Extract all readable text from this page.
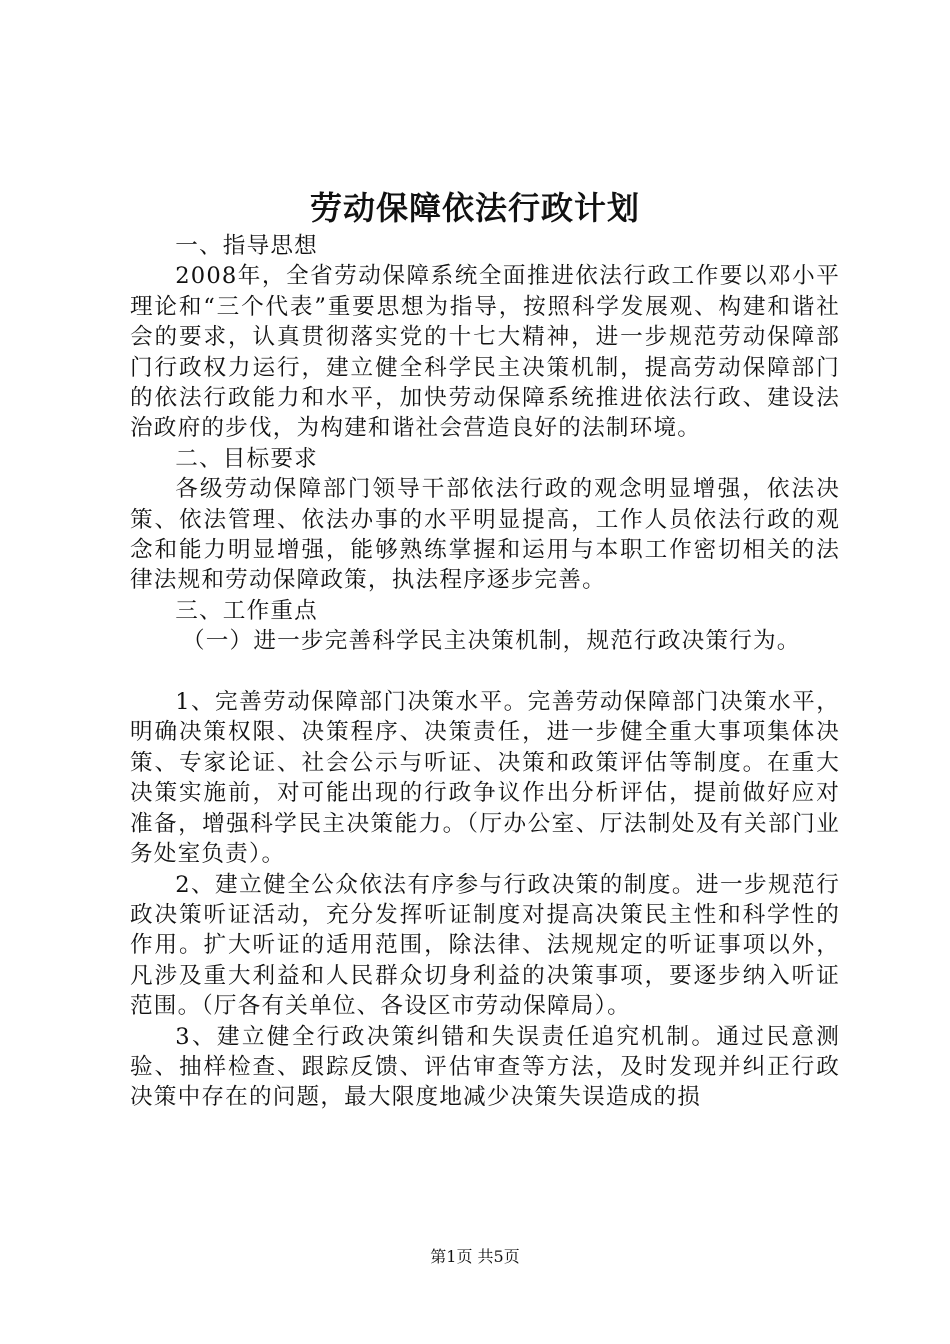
劳动保障依法行政计划

一、指导思想

2008年，全省劳动保障系统全面推进依法行政工作要以邓小平理论和“三个代表”重要思想为指导，按照科学发展观、构建和谐社会的要求，认真贯彻落实党的十七大精神，进一步规范劳动保障部门行政权力运行，建立健全科学民主决策机制，提高劳动保障部门的依法行政能力和水平，加快劳动保障系统推进依法行政、建设法治政府的步伐，为构建和谐社会营造良好的法制环境。

二、目标要求

各级劳动保障部门领导干部依法行政的观念明显增强，依法决策、依法管理、依法办事的水平明显提高，工作人员依法行政的观念和能力明显增强，能够熟练掌握和运用与本职工作密切相关的法律法规和劳动保障政策，执法程序逐步完善。

三、工作重点

（一）进一步完善科学民主决策机制，规范行政决策行为。

1、完善劳动保障部门决策水平。完善劳动保障部门决策水平，明确决策权限、决策程序、决策责任，进一步健全重大事项集体决策、专家论证、社会公示与听证、决策和政策评估等制度。在重大决策实施前，对可能出现的行政争议作出分析评估，提前做好应对准备，增强科学民主决策能力。（厅办公室、厅法制处及有关部门业务处室负责）。

2、建立健全公众依法有序参与行政决策的制度。进一步规范行政决策听证活动，充分发挥听证制度对提高决策民主性和科学性的作用。扩大听证的适用范围，除法律、法规规定的听证事项以外，凡涉及重大利益和人民群众切身利益的决策事项，要逐步纳入听证范围。（厅各有关单位、各设区市劳动保障局）。

3、建立健全行政决策纠错和失误责任追究机制。通过民意测验、抽样检查、跟踪反馈、评估审查等方法，及时发现并纠正行政决策中存在的问题，最大限度地减少决策失误造成的损

第1页 共5页
